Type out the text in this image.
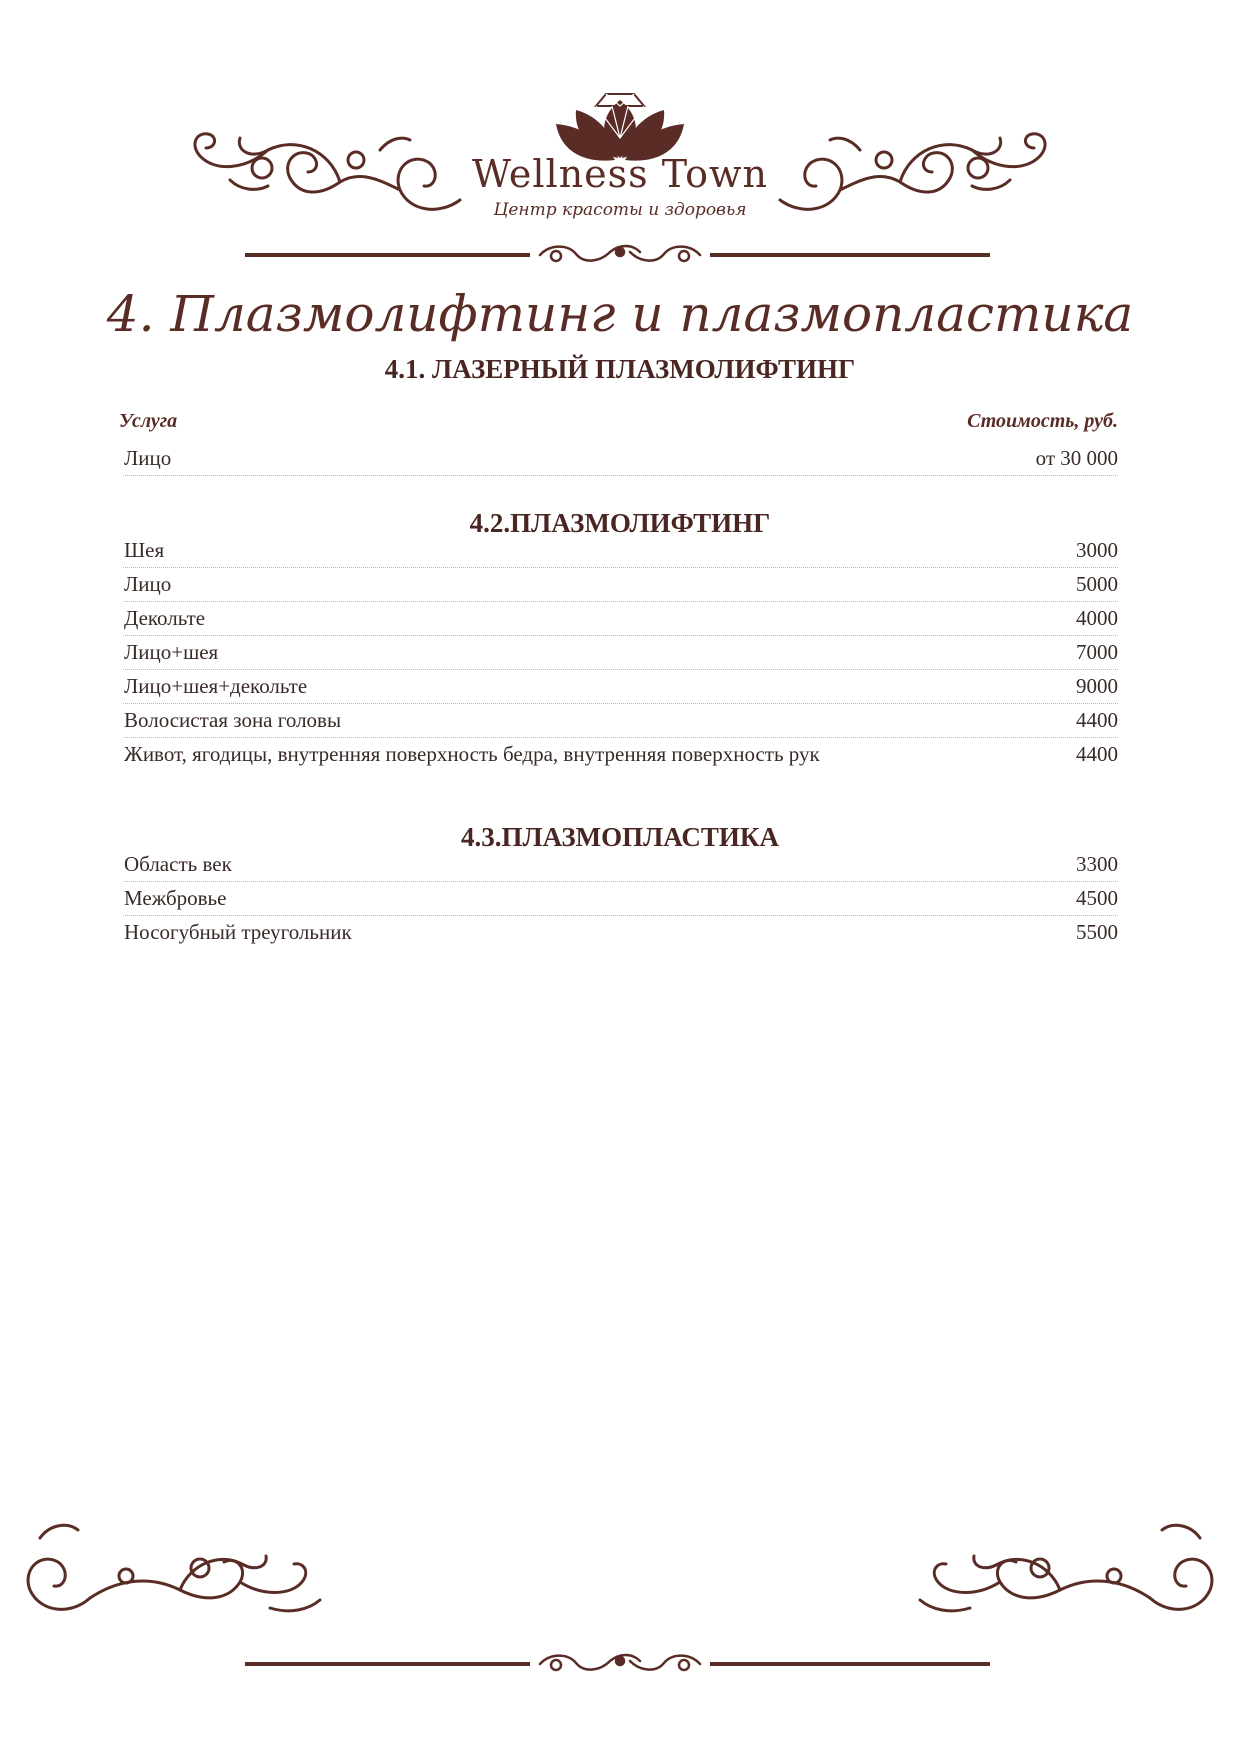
Wellness Town
Центр красоты и здоровья
4. Плазмолифтинг и плазмопластика
4.1. ЛАЗЕРНЫЙ ПЛАЗМОЛИФТИНГ
Услуга	Стоимость, руб.
Лицо	от 30 000
4.2.ПЛАЗМОЛИФТИНГ
Шея	3000
Лицо	5000
Декольте	4000
Лицо+шея	7000
Лицо+шея+декольте	9000
Волосистая зона головы	4400
Живот, ягодицы, внутренняя поверхность бедра, внутренняя поверхность рук	4400
4.3.ПЛАЗМОПЛАСТИКА
Область век	3300
Межбровье	4500
Носогубный треугольник	5500
